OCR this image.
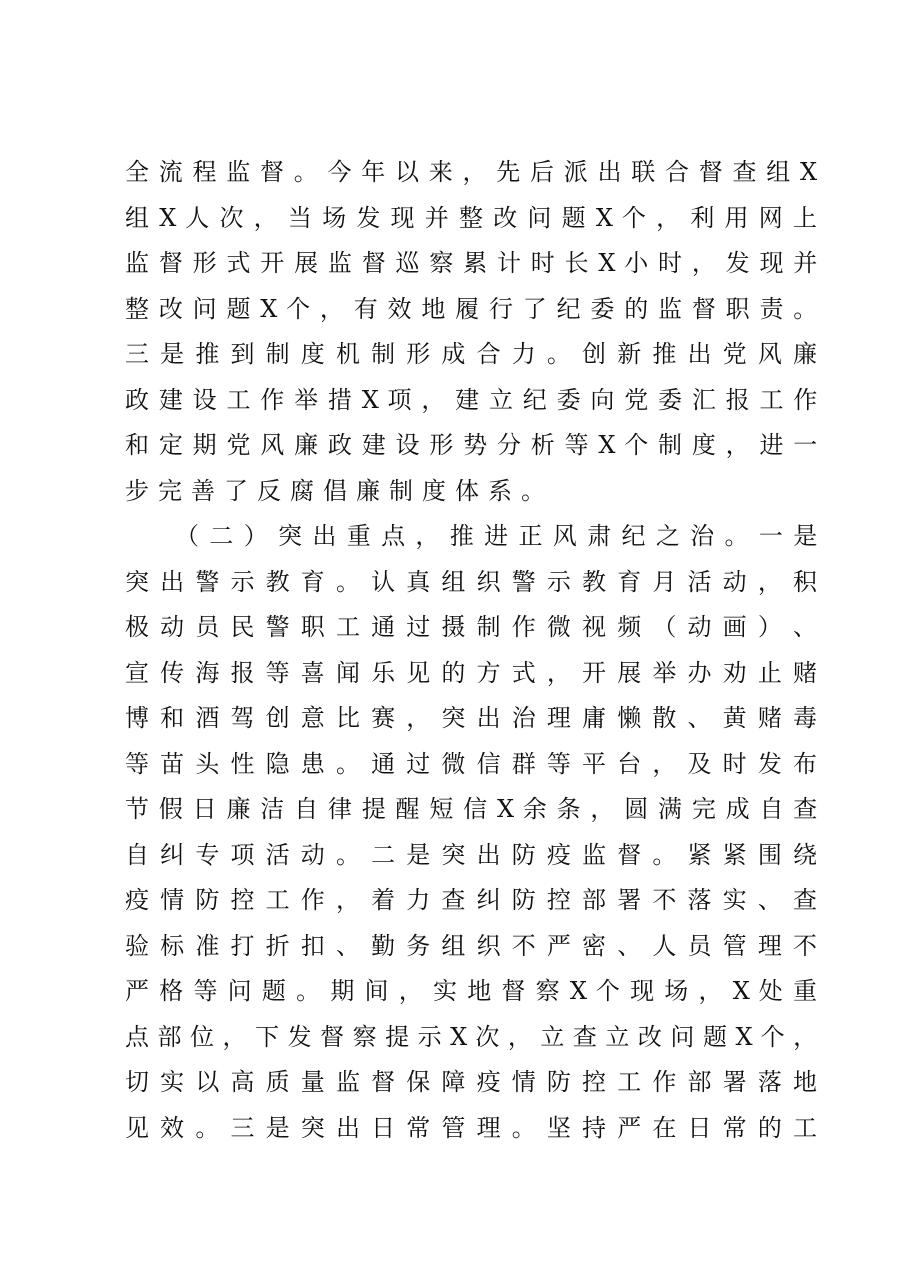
全 流 程 监 督 。 今 年 以 来 ， 先 后 派 出 联 合 督 查 组 X
组 X 人 次 ， 当 场 发 现 并 整 改 问 题 X 个 ， 利 用 网 上
监 督 形 式 开 展 监 督 巡 察 累 计 时 长 X 小 时 ， 发 现 并
整 改 问 题 X 个 ， 有 效 地 履 行 了 纪 委 的 监 督 职 责 。
三 是 推 到 制 度 机 制 形 成 合 力 。 创 新 推 出 党 风 廉
政 建 设 工 作 举 措 X 项 ， 建 立 纪 委 向 党 委 汇 报 工 作
和 定 期 党 风 廉 政 建 设 形 势 分 析 等 X 个 制 度 ， 进 一
步完善了反腐倡廉制度体系。
（ 二 ） 突 出 重 点 ， 推 进 正 风 肃 纪 之 治 。 一 是
突 出 警 示 教 育 。 认 真 组 织 警 示 教 育 月 活 动 ， 积
极 动 员 民 警 职 工 通 过 摄 制 作 微 视 频 （ 动 画 ） 、
宣 传 海 报 等 喜 闻 乐 见 的 方 式 ， 开 展 举 办 劝 止 赌
博 和 酒 驾 创 意 比 赛 ， 突 出 治 理 庸 懒 散 、 黄 赌 毒
等 苗 头 性 隐 患 。 通 过 微 信 群 等 平 台 ， 及 时 发 布
节 假 日 廉 洁 自 律 提 醒 短 信 X 余 条 ， 圆 满 完 成 自 查
自 纠 专 项 活 动 。 二 是 突 出 防 疫 监 督 。 紧 紧 围 绕
疫 情 防 控 工 作 ， 着 力 查 纠 防 控 部 署 不 落 实 、 查
验 标 准 打 折 扣 、 勤 务 组 织 不 严 密 、 人 员 管 理 不
严 格 等 问 题 。 期 间 ， 实 地 督 察 X 个 现 场 ， X 处 重
点 部 位 ， 下 发 督 察 提 示 X 次 ， 立 查 立 改 问 题 X 个 ，
切 实 以 高 质 量 监 督 保 障 疫 情 防 控 工 作 部 署 落 地
见 效 。 三 是 突 出 日 常 管 理 。 坚 持 严 在 日 常 的 工
